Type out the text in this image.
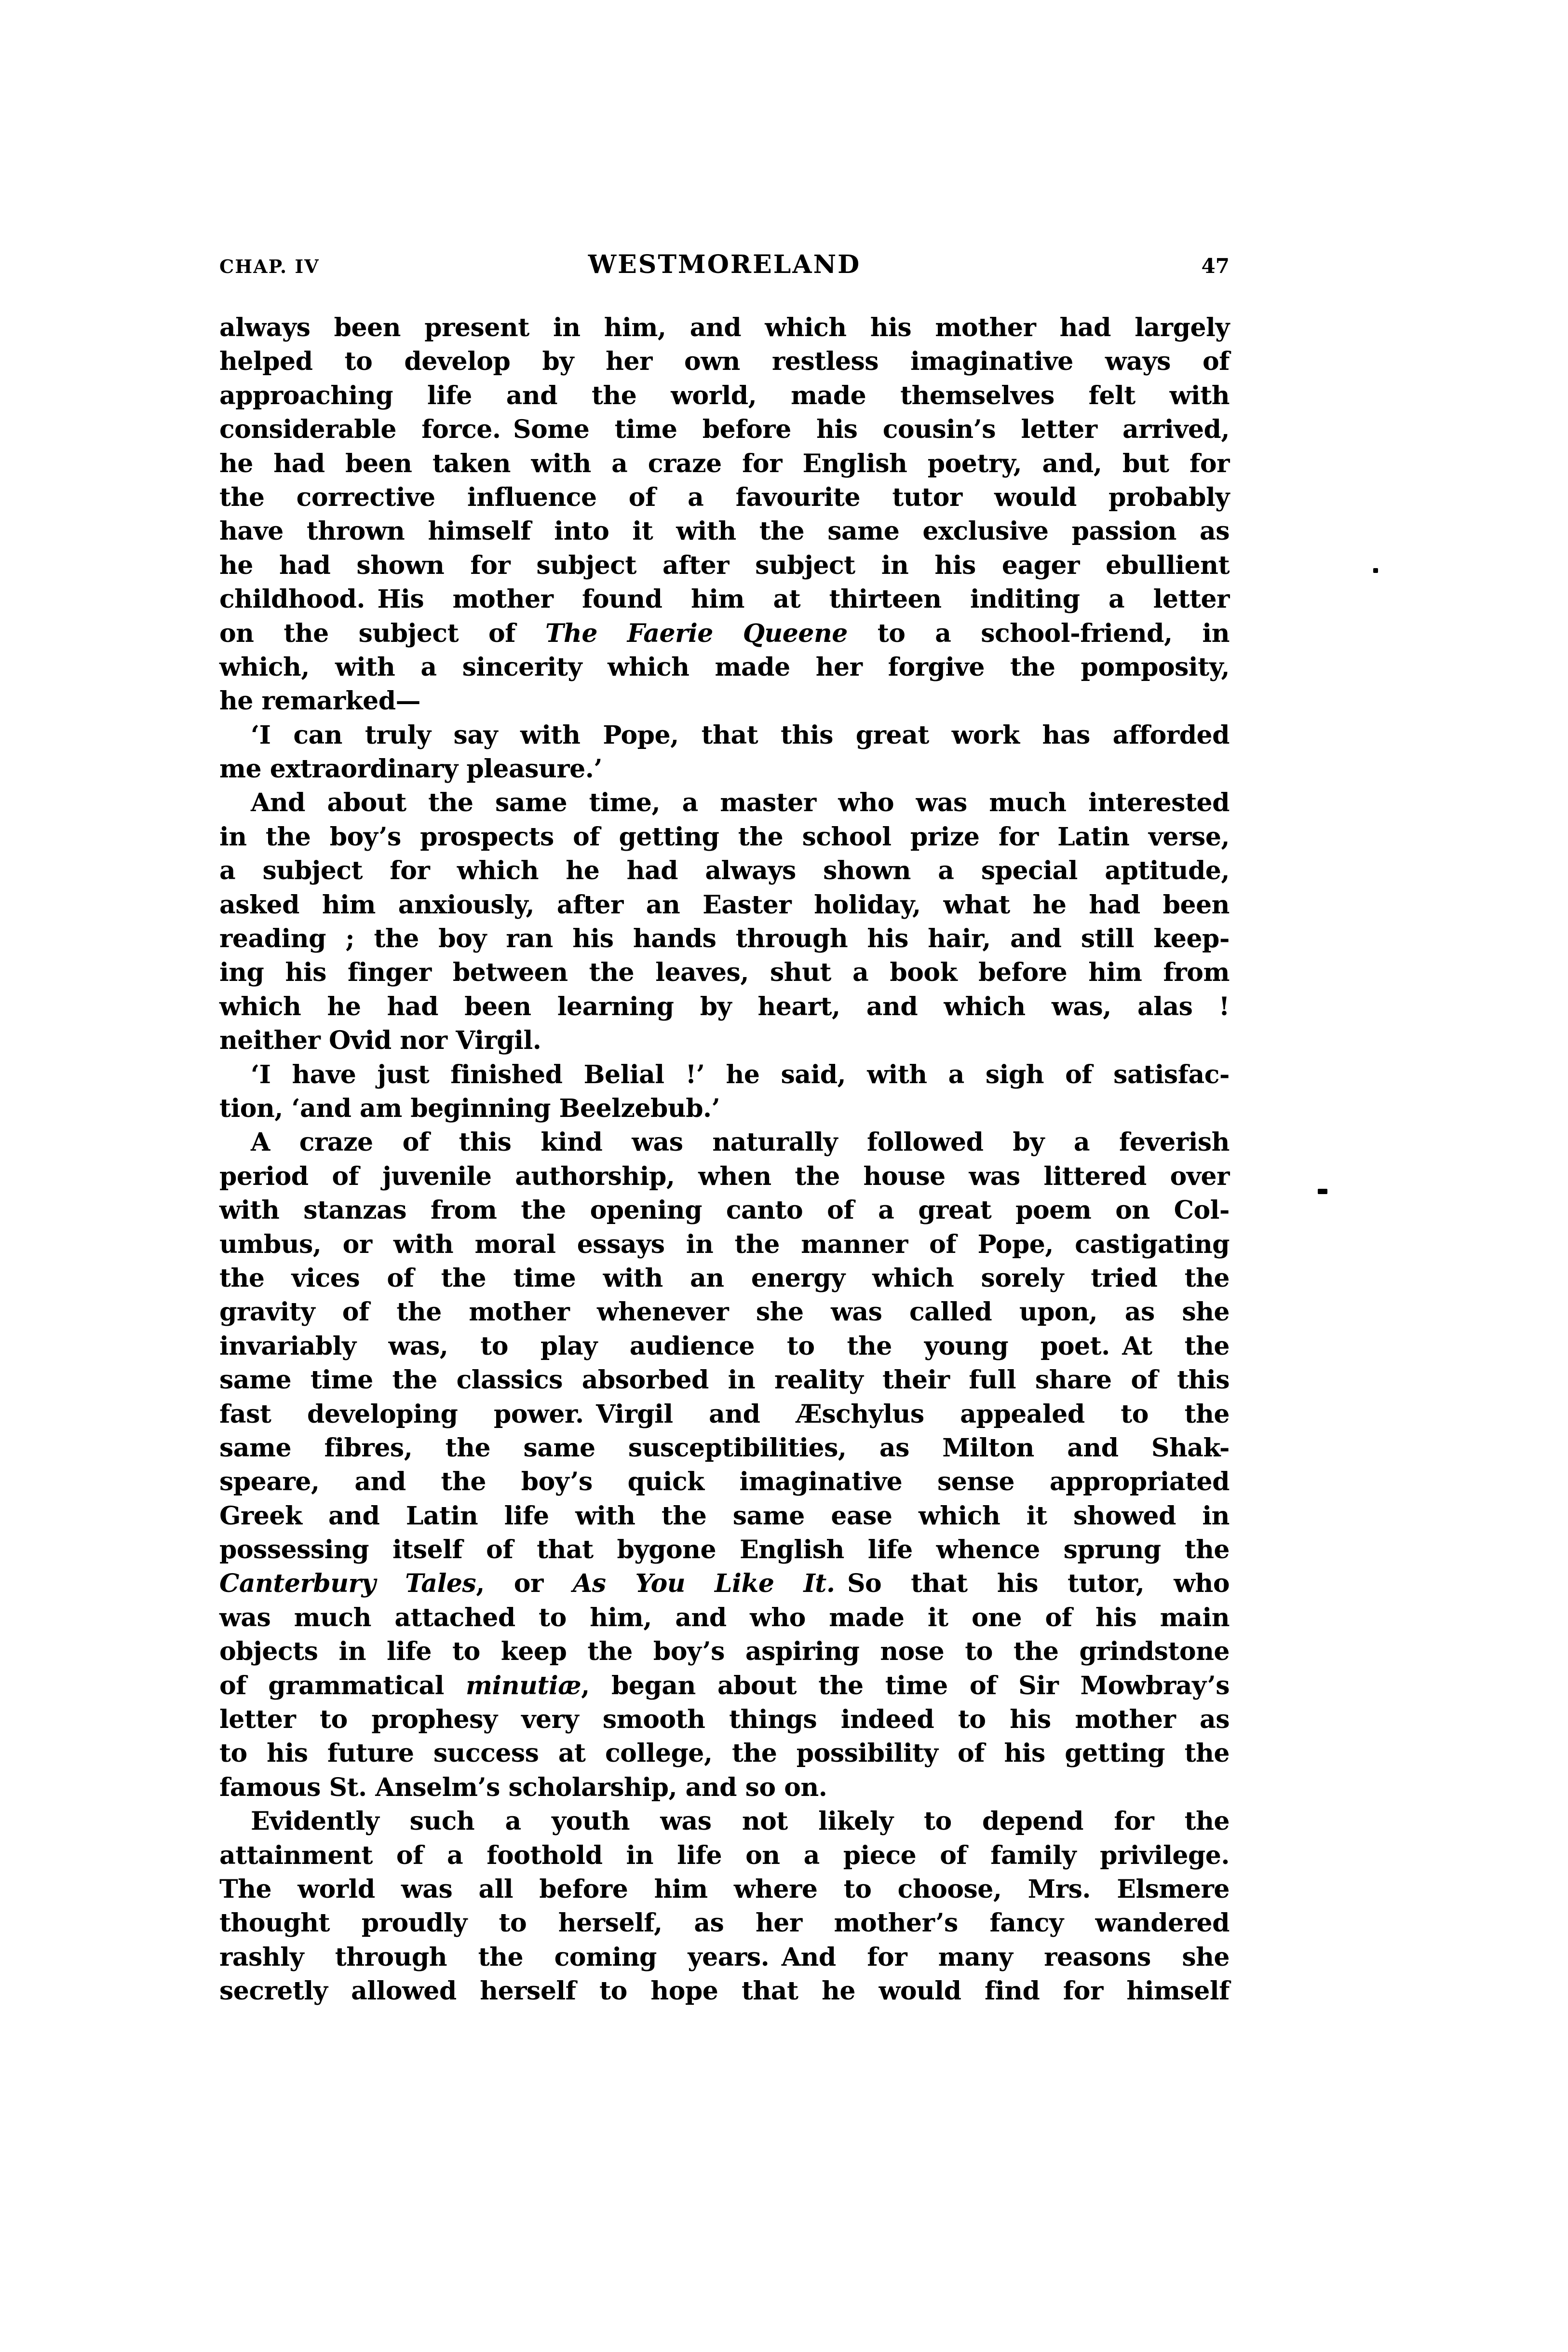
CHAP. IV	WESTMORELAND	47
always been present in him, and which his mother had largely
helped to develop by her own restless imaginative ways of
approaching life and the world, made themselves felt with
considerable force. Some time before his cousin’s letter arrived,
he had been taken with a craze for English poetry, and, but for
the corrective influence of a favourite tutor would probably
have thrown himself into it with the same exclusive passion as
he had shown for subject after subject in his eager ebullient
childhood. His mother found him at thirteen inditing a letter
on the subject of The Faerie Queene to a school-friend, in
which, with a sincerity which made her forgive the pomposity,
he remarked—
‘I can truly say with Pope, that this great work has afforded
me extraordinary pleasure.’
And about the same time, a master who was much interested
in the boy’s prospects of getting the school prize for Latin verse,
a subject for which he had always shown a special aptitude,
asked him anxiously, after an Easter holiday, what he had been
reading ; the boy ran his hands through his hair, and still keep-
ing his finger between the leaves, shut a book before him from
which he had been learning by heart, and which was, alas !
neither Ovid nor Virgil.
‘I have just finished Belial !’ he said, with a sigh of satisfac-
tion, ‘and am beginning Beelzebub.’
A craze of this kind was naturally followed by a feverish
period of juvenile authorship, when the house was littered over
with stanzas from the opening canto of a great poem on Col-
umbus, or with moral essays in the manner of Pope, castigating
the vices of the time with an energy which sorely tried the
gravity of the mother whenever she was called upon, as she
invariably was, to play audience to the young poet. At the
same time the classics absorbed in reality their full share of this
fast developing power. Virgil and Æschylus appealed to the
same fibres, the same susceptibilities, as Milton and Shak-
speare, and the boy’s quick imaginative sense appropriated
Greek and Latin life with the same ease which it showed in
possessing itself of that bygone English life whence sprung the
Canterbury Tales, or As You Like It. So that his tutor, who
was much attached to him, and who made it one of his main
objects in life to keep the boy’s aspiring nose to the grindstone
of grammatical minutiæ, began about the time of Sir Mowbray’s
letter to prophesy very smooth things indeed to his mother as
to his future success at college, the possibility of his getting the
famous St. Anselm’s scholarship, and so on.
Evidently such a youth was not likely to depend for the
attainment of a foothold in life on a piece of family privilege.
The world was all before him where to choose, Mrs. Elsmere
thought proudly to herself, as her mother’s fancy wandered
rashly through the coming years. And for many reasons she
secretly allowed herself to hope that he would find for himself
